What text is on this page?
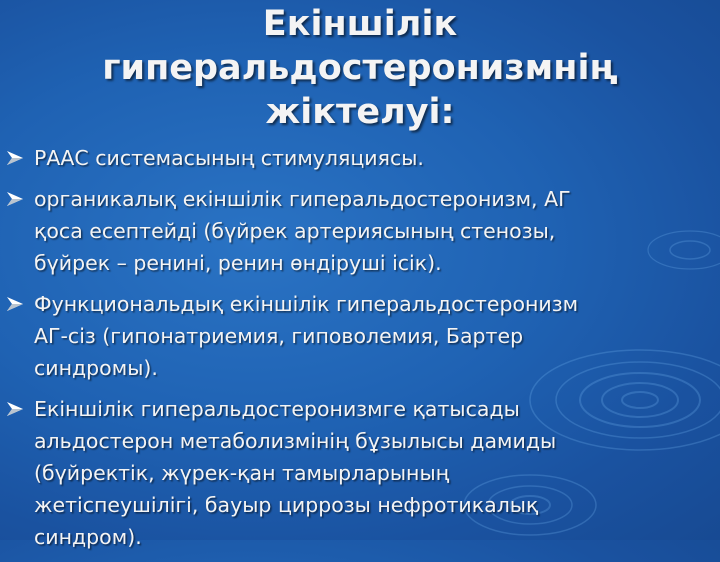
Екіншілік
гиперальдостеронизмнің
жіктелуі:
РААС системасының стимуляциясы.
органикалық екіншілік гиперальдостеронизм, АГ
қоса есептейді (бүйрек артериясының стенозы,
бүйрек – ренині, ренин өндіруші ісік).
Функциональдық екіншілік гиперальдостеронизм
АГ-сіз (гипонатриемия, гиповолемия, Бартер
синдромы).
Екіншілік гиперальдостеронизмге қатысады
альдостерон метаболизмінің бұзылысы дамиды
(бүйректік, жүрек-қан тамырларының
жетіспеушілігі, бауыр циррозы нефротикалық
синдром).
